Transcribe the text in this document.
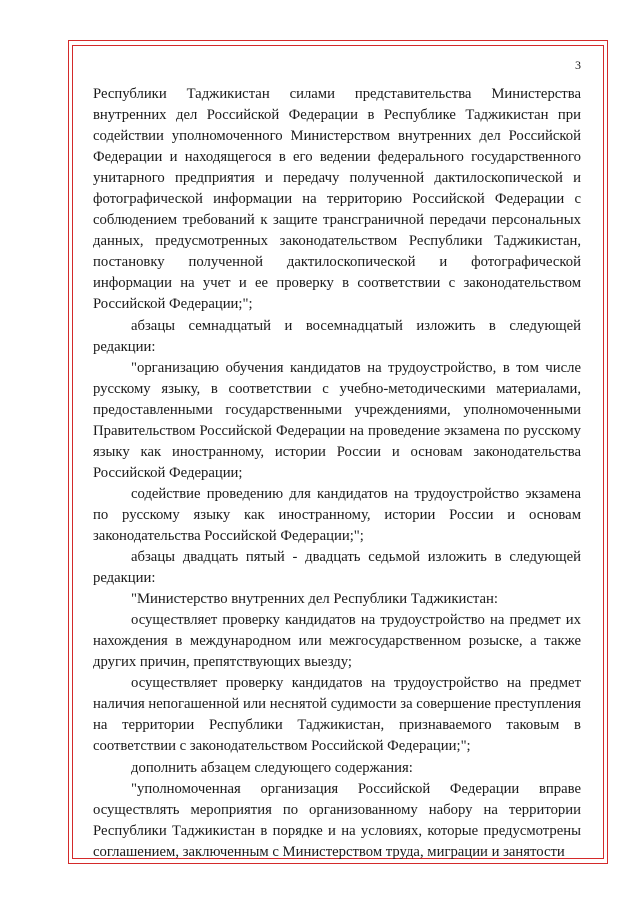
3

Республики Таджикистан силами представительства Министерства внутренних дел Российской Федерации в Республике Таджикистан при содействии уполномоченного Министерством внутренних дел Российской Федерации и находящегося в его ведении федерального государственного унитарного предприятия и передачу полученной дактилоскопической и фотографической информации на территорию Российской Федерации с соблюдением требований к защите трансграничной передачи персональных данных, предусмотренных законодательством Республики Таджикистан, постановку полученной дактилоскопической и фотографической информации на учет и ее проверку в соответствии с законодательством Российской Федерации;";

абзацы семнадцатый и восемнадцатый изложить в следующей редакции:

"организацию обучения кандидатов на трудоустройство, в том числе русскому языку, в соответствии с учебно-методическими материалами, предоставленными государственными учреждениями, уполномоченными Правительством Российской Федерации на проведение экзамена по русскому языку как иностранному, истории России и основам законодательства Российской Федерации;

содействие проведению для кандидатов на трудоустройство экзамена по русскому языку как иностранному, истории России и основам законодательства Российской Федерации;";

абзацы двадцать пятый - двадцать седьмой изложить в следующей редакции:

"Министерство внутренних дел Республики Таджикистан:

осуществляет проверку кандидатов на трудоустройство на предмет их нахождения в международном или межгосударственном розыске, а также других причин, препятствующих выезду;

осуществляет проверку кандидатов на трудоустройство на предмет наличия непогашенной или неснятой судимости за совершение преступления на территории Республики Таджикистан, признаваемого таковым в соответствии с законодательством Российской Федерации;";

дополнить абзацем следующего содержания:

"уполномоченная организация Российской Федерации вправе осуществлять мероприятия по организованному набору на территории Республики Таджикистан в порядке и на условиях, которые предусмотрены соглашением, заключенным с Министерством труда, миграции и занятости
